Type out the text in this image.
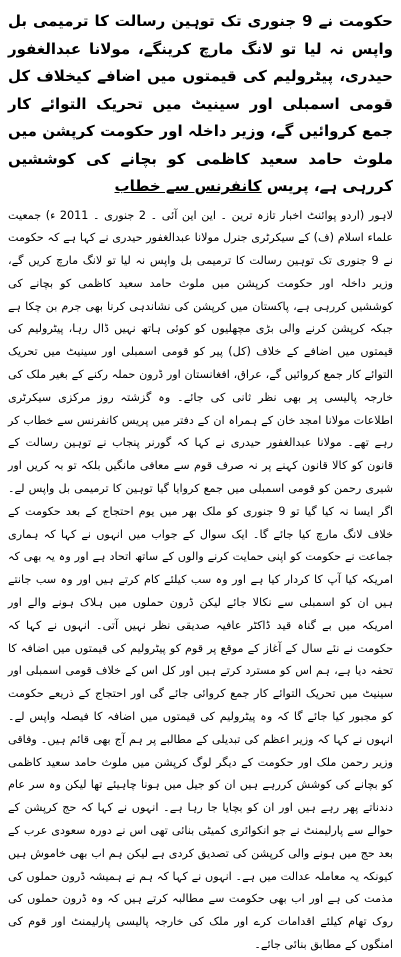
حکومت نے 9 جنوری تک توہین رسالت کا ترمیمی بل واپس نہ لیا تو لانگ مارچ کرینگے، مولانا عبدالغفور حیدری، پیٹرولیم کی قیمتوں میں اضافے کیخلاف کل قومی اسمبلی اور سینیٹ میں تحریک التوائے کار جمع کروائیں گے، وزیر داخلہ اور حکومت کرپشن میں ملوث حامد سعید کاظمی کو بچانے کی کوششیں کررہی ہے، پریس کانفرنس سے خطاب

لاہور (اردو پوائنٹ اخبار تازہ ترین ۔ این این آئی ۔ 2 جنوری ۔ 2011 ء) جمعیت علماء اسلام (ف) کے سیکرٹری جنرل مولانا عبدالغفور حیدری نے کہا ہے کہ حکومت نے 9 جنوری تک توہین رسالت کا ترمیمی بل واپس نہ لیا تو لانگ مارچ کریں گے، وزیر داخلہ اور حکومت کرپشن میں ملوث حامد سعید کاظمی کو بچانے کی کوششیں کررہی ہے، پاکستان میں کرپشن کی نشاندہی کرنا بھی جرم بن چکا ہے جبکہ کرپشن کرنے والی بڑی مچھلیوں کو کوئی ہاتھ نہیں ڈال رہا، پیٹرولیم کی قیمتوں میں اضافے کے خلاف (کل) پیر کو قومی اسمبلی اور سینیٹ میں تحریک التوائے کار جمع کروائیں گے، عراق، افغانستان اور ڈرون حملہ رکنے کے بغیر ملک کی خارجہ پالیسی پر بھی نظر ثانی کی جائے۔ وہ گزشتہ روز مرکزی سیکرٹری اطلاعات مولانا امجد خان کے ہمراہ ان کے دفتر میں پریس کانفرنس سے خطاب کر رہے تھے۔ مولانا عبدالغفور حیدری نے کہا کہ گورنر پنجاب نے توہین رسالت کے قانون کو کالا قانون کہنے پر نہ صرف قوم سے معافی مانگیں بلکہ تو بہ کریں اور شیری رحمن کو قومی اسمبلی میں جمع کروایا گیا توہین کا ترمیمی بل واپس لے۔ اگر ایسا نہ کیا گیا تو 9 جنوری کو ملک بھر میں یوم احتجاج کے بعد حکومت کے خلاف لانگ مارچ کیا جائے گا۔ ایک سوال کے جواب میں انہوں نے کہا کہ ہماری جماعت نے حکومت کو اپنی حمایت کرنے والوں کے ساتھ اتحاد ہے اور وہ یہ بھی کہ امریکہ کیا آپ کا کردار کیا ہے اور وہ سب کیلئے کام کرتے ہیں اور وہ سب جانتے ہیں ان کو اسمبلی سے نکالا جائے لیکن ڈرون حملوں میں ہلاک ہونے والے اور امریکہ میں بے گناہ قید ڈاکٹر عافیہ صدیقی نظر نہیں آتی۔ انہوں نے کہا کہ حکومت نے نئے سال کے آغاز کے موقع پر قوم کو پیٹرولیم کی قیمتوں میں اضافہ کا تحفہ دیا ہے، ہم اس کو مسترد کرتے ہیں اور کل اس کے خلاف قومی اسمبلی اور سینیٹ میں تحریک التوائے کار جمع کروائی جائے گی اور احتجاج کے ذریعے حکومت کو مجبور کیا جائے گا کہ وہ پیٹرولیم کی قیمتوں میں اضافہ کا فیصلہ واپس لے۔ انہوں نے کہا کہ وزیر اعظم کی تبدیلی کے مطالبے پر ہم آج بھی قائم ہیں۔ وفاقی وزیر رحمن ملک اور حکومت کے دیگر لوگ کرپشن میں ملوث حامد سعید کاظمی کو بچانے کی کوشش کررہے ہیں ان کو جیل میں ہونا چاہیئے تھا لیکن وہ سر عام دندناتے پھر رہے ہیں اور ان کو بچایا جا رہا ہے۔ انہوں نے کہا کہ حج کرپشن کے حوالے سے پارلیمنٹ نے جو انکوائری کمیٹی بنائی تھی اس نے دورہ سعودی عرب کے بعد حج میں ہونے والی کرپشن کی تصدیق کردی ہے لیکن ہم اب بھی خاموش ہیں کیونکہ یہ معاملہ عدالت میں ہے۔ انہوں نے کہا کہ ہم نے ہمیشہ ڈرون حملوں کی مذمت کی ہے اور اب بھی حکومت سے مطالبہ کرتے ہیں کہ وہ ڈرون حملوں کی روک تھام کیلئے اقدامات کرے اور ملک کی خارجہ پالیسی پارلیمنٹ اور قوم کی امنگوں کے مطابق بنائی جائے۔
